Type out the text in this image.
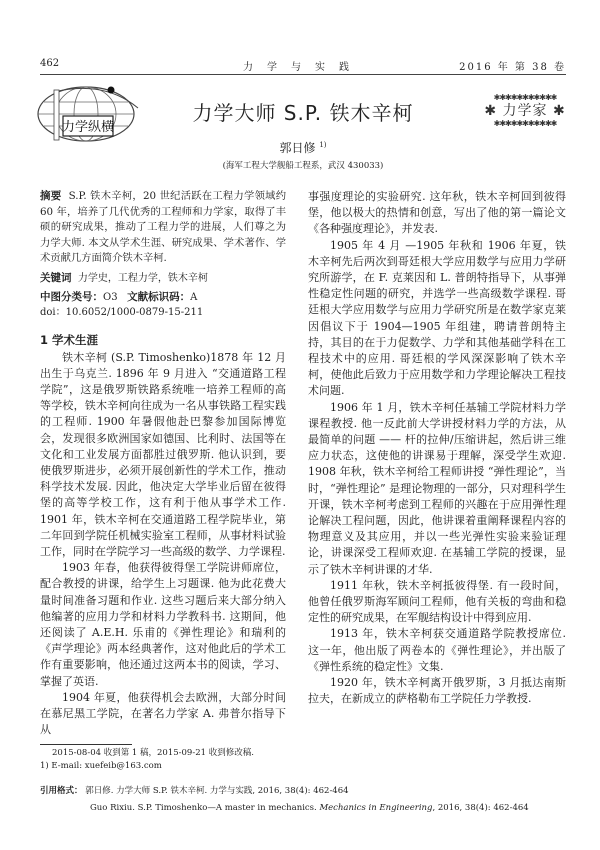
462	力学与实践	2016 年 第 38 卷
力学纵横
力学大师 S.P. 铁木辛柯
✱✱✱✱✱✱✱✱✱✱✱
✱ 力学家 ✱
✱✱✱✱✱✱✱✱✱✱✱
郭日修 $^{1)}$
(海军工程大学舰船工程系，武汉 430033)
摘要 S.P. 铁木辛柯，20 世纪活跃在工程力学领域约 60 年，培养了几代优秀的工程师和力学家，取得了丰硕的研究成果，推动了工程力学的进展，人们尊之为力学大师. 本文从学术生涯、研究成果、学术著作、学术贡献几方面简介铁木辛柯.
关键词 力学史，工程力学，铁木辛柯
中图分类号：O3 文献标识码：A
doi：10.6052/1000-0879-15-211
1 学术生涯

铁木辛柯 (S.P. Timoshenko)1878 年 12 月出生于乌克兰. 1896 年 9 月进入 “交通道路工程学院”，这是俄罗斯铁路系统唯一培养工程师的高等学校，铁木辛柯向往成为一名从事铁路工程实践的工程师. 1900 年暑假他赴巴黎参加国际博览会，发现很多欧洲国家如德国、比利时、法国等在文化和工业发展方面都胜过俄罗斯. 他认识到，要使俄罗斯进步，必须开展创新性的学术工作，推动科学技术发展. 因此，他决定大学毕业后留在彼得堡的高等学校工作，这有利于他从事学术工作. 1901 年，铁木辛柯在交通道路工程学院毕业，第二年回到学院任机械实验室工程师，从事材料试验工作，同时在学院学习一些高级的数学、力学课程.

1903 年春，他获得彼得堡工学院讲师席位，配合教授的讲课，给学生上习题课. 他为此花费大量时间准备习题和作业. 这些习题后来大部分纳入他编著的应用力学和材料力学教科书. 这期间，他还阅读了 A.E.H. 乐甫的《弹性理论》和瑞利的《声学理论》两本经典著作，这对他此后的学术工作有重要影响，他还通过这两本书的阅读，学习、掌握了英语.

1904 年夏，他获得机会去欧洲，大部分时间在慕尼黑工学院，在著名力学家 A. 弗普尔指导下从

2015-08-04 收到第 1 稿，2015-09-21 收到修改稿.
1) E-mail: xuefeib@163.com

事强度理论的实验研究. 这年秋，铁木辛柯回到彼得堡，他以极大的热情和创意，写出了他的第一篇论文《各种强度理论》，并发表.

1905 年 4 月 —1905 年秋和 1906 年夏，铁木辛柯先后两次到哥廷根大学应用数学与应用力学研究所游学，在 F. 克莱因和 L. 普朗特指导下，从事弹性稳定性问题的研究，并选学一些高级数学课程. 哥廷根大学应用数学与应用力学研究所是在数学家克莱因倡议下于 1904—1905 年组建，聘请普朗特主持，其目的在于力促数学、力学和其他基础学科在工程技术中的应用. 哥廷根的学风深深影响了铁木辛柯，使他此后致力于应用数学和力学理论解决工程技术问题.

1906 年 1 月，铁木辛柯任基辅工学院材料力学课程教授. 他一反此前大学讲授材料力学的方法，从最简单的问题 —— 杆的拉伸/压缩讲起，然后讲三维应力状态，这使他的讲课易于理解，深受学生欢迎. 1908 年秋，铁木辛柯给工程师讲授 “弹性理论”，当时，“弹性理论” 是理论物理的一部分，只对理科学生开课，铁木辛柯考虑到工程师的兴趣在于应用弹性理论解决工程问题，因此，他讲课着重阐释课程内容的物理意义及其应用，并以一些光弹性实验来验证理论，讲课深受工程师欢迎. 在基辅工学院的授课，显示了铁木辛柯讲课的才华.

1911 年秋，铁木辛柯抵彼得堡. 有一段时间，他曾任俄罗斯海军顾问工程师，他有关板的弯曲和稳定性的研究成果，在军舰结构设计中得到应用.

1913 年，铁木辛柯获交通道路学院教授席位. 这一年，他出版了两卷本的《弹性理论》，并出版了《弹性系统的稳定性》文集.

1920 年，铁木辛柯离开俄罗斯，3 月抵达南斯拉夫，在新成立的萨格勒布工学院任力学教授.

引用格式： 郭日修. 力学大师 S.P. 铁木辛柯. 力学与实践, 2016, 38(4): 462-464
Guo Rixiu. S.P. Timoshenko—A master in mechanics. Mechanics in Engineering, 2016, 38(4): 462-464
